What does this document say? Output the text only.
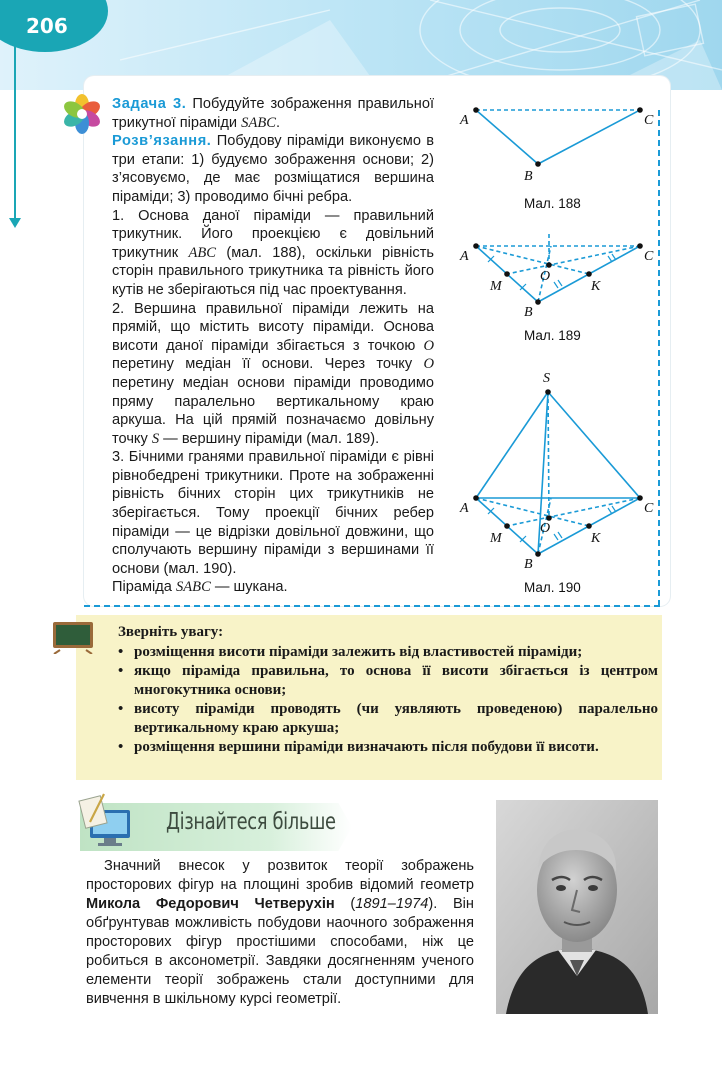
206

Задача 3. Побудуйте зображення правильної трикутної піраміди SABC.

Розв’язання. Побудову піраміди виконуємо в три етапи: 1) будуємо зображення основи; 2) з’ясовуємо, де має розміщатися вершина піраміди; 3) проводимо бічні ребра.

1. Основа даної піраміди — правильний трикутник. Його проекцією є довільний трикутник ABC (мал. 188), оскільки рівність сторін правильного трикутника та рівність його кутів не зберігаються під час проектування.

2. Вершина правильної піраміди лежить на прямій, що містить висоту піраміди. Основа висоти даної піраміди збігається з точкою O перетину медіан її основи. Через точку O перетину медіан основи піраміди проводимо пряму паралельно вертикальному краю аркуша. На цій прямій позначаємо довільну точку S — вершину піраміди (мал. 189).

3. Бічними гранями правильної піраміди є рівні рівнобедрені трикутники. Проте на зображенні рівність бічних сторін цих трикутників не зберігається. Тому проекції бічних ребер піраміди — це відрізки довільної довжини, що сполучають вершину піраміди з вершинами її основи (мал. 190).

Піраміда SABC — шукана.

A
B
C
Мал. 188
A
B
C
M	K
O
Мал. 189
S
A
B
C
M	K
O
Мал. 190
Зверніть увагу:
• розміщення висоти піраміди залежить від властивостей піраміди;
• якщо піраміда правильна, то основа її висоти збігається із центром многокутника основи;
• висоту піраміди проводять (чи уявляють проведеною) паралельно вертикальному краю аркуша;
• розміщення вершини піраміди визначають після побудови її висоти.
Дізнайтеся більше
Значний внесок у розвиток теорії зображень просторових фігур на площині зробив відомий геометр Микола Федорович Четверухін (1891–1974). Він обґрунтував можливість побудови наочного зображення просторових фігур простішими способами, ніж це робиться в аксонометрії. Завдяки досягненням ученого елементи теорії зображень стали доступними для вивчення в шкільному курсі геометрії.
